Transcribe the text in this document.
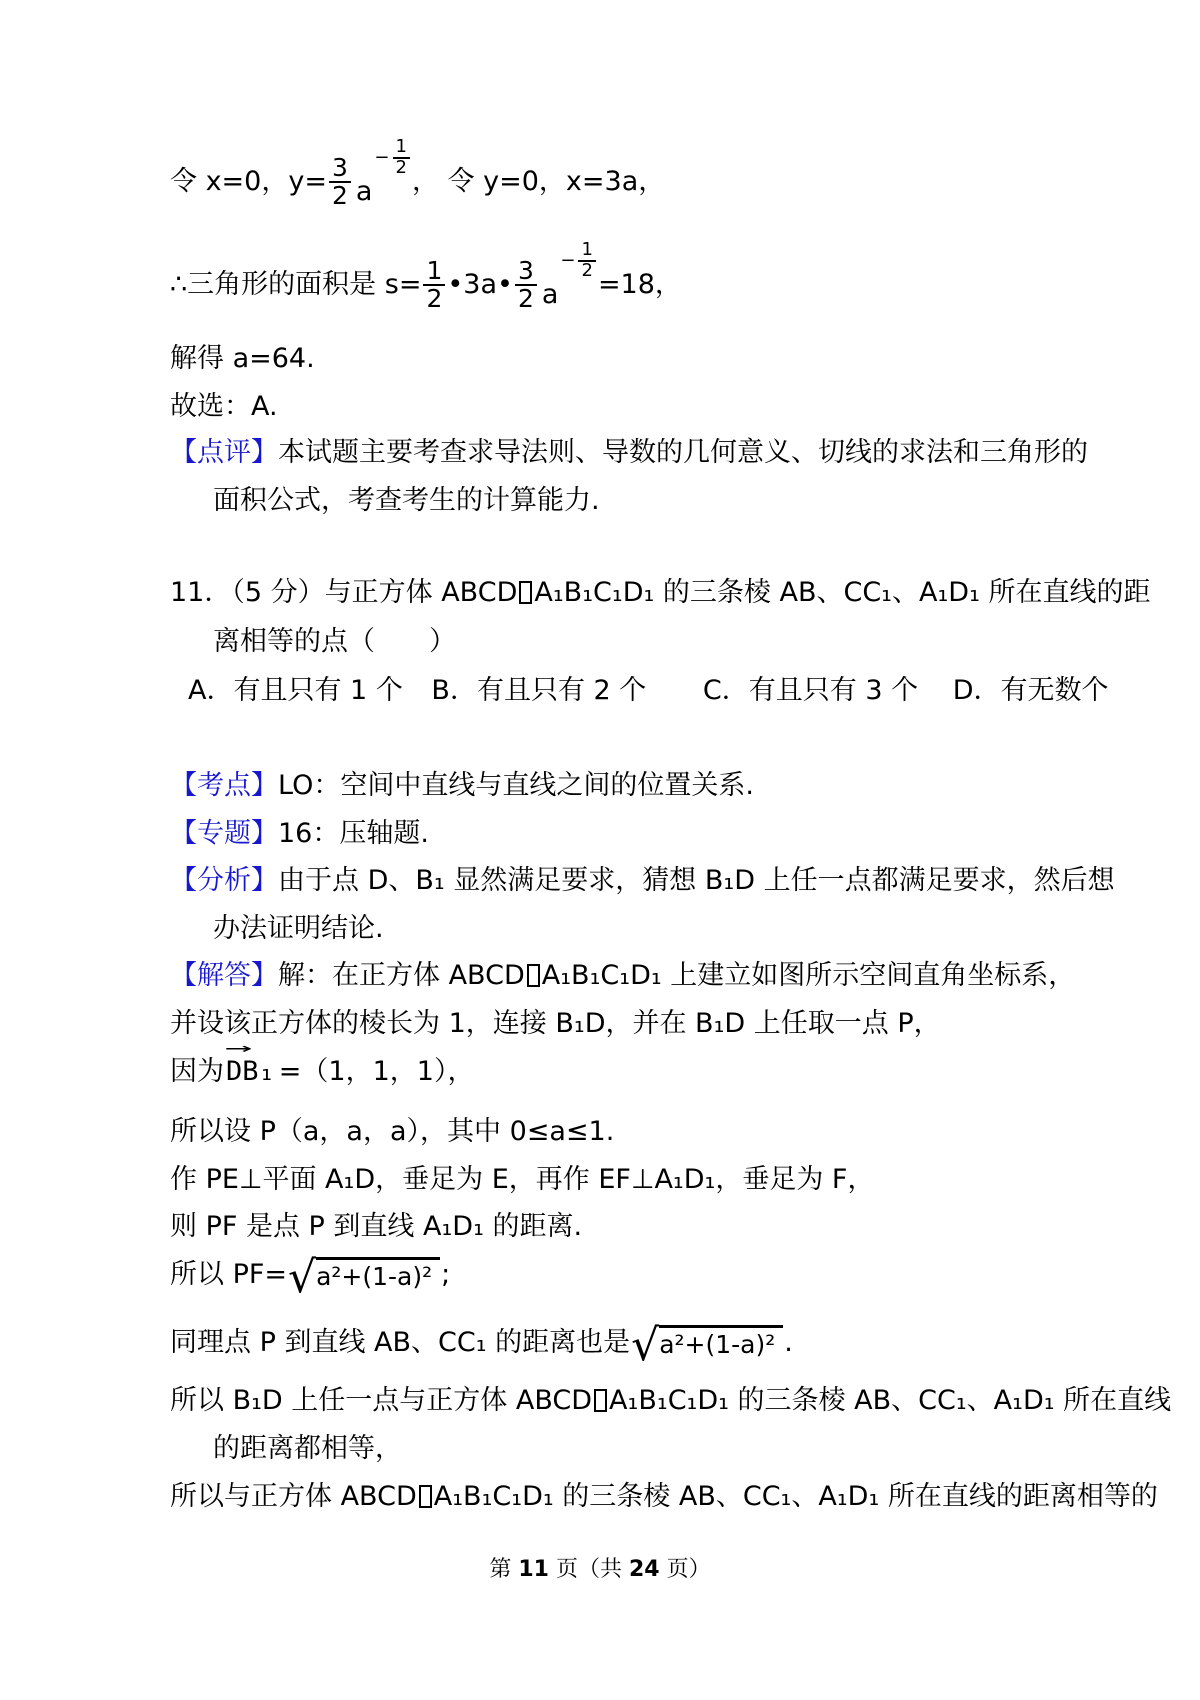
令 x=0，$y= \frac{3}{2}$ a
− $\frac{1}{2}$
， 令 y=0，x=3a，
∴三角形的面积是 $s= \frac{1}{2}$ •3a• $\frac{3}{2}$ a
− $\frac{1}{2}$
=18，
解得 a=64.
故选：A.
【点评】本试题主要考查求导法则、导数的几何意义、切线的求法和三角形的
面积公式，考查考生的计算能力.
11．（5 分）与正方体 ABCD A₁B₁C₁D₁ 的三条棱 AB、CC₁、A₁D₁ 所在直线的距
离相等的点（　　）
A．有且只有 1 个 B．有且只有 2 个 C．有且只有 3 个 D．有无数个
【考点】LO：空间中直线与直线之间的位置关系.
【专题】16：压轴题.
【分析】由于点 D、B₁ 显然满足要求，猜想 B₁D 上任一点都满足要求，然后想
办法证明结论.
【解答】解：在正方体 ABCD A₁B₁C₁D₁ 上建立如图所示空间直角坐标系，
并设该正方体的棱长为 1，连接 B₁D，并在 B₁D 上任取一点 P，
因为
→
DB₁ =（1，1，1），
所以设 P（a，a，a），其中 0≤a≤1.
作 PE⊥平面 A₁D，垂足为 E，再作 EF⊥A₁D₁，垂足为 F，
则 PF 是点 P 到直线 A₁D₁ 的距离.
所以 PF= √ a²+(1-a)² ;
同理点 P 到直线 AB、CC₁ 的距离也是 √ a²+(1-a)² .
所以 B₁D 上任一点与正方体 ABCD A₁B₁C₁D₁ 的三条棱 AB、CC₁、A₁D₁ 所在直线
的距离都相等，
所以与正方体 ABCD A₁B₁C₁D₁ 的三条棱 AB、CC₁、A₁D₁ 所在直线的距离相等的
第 11 页（共 24 页）
